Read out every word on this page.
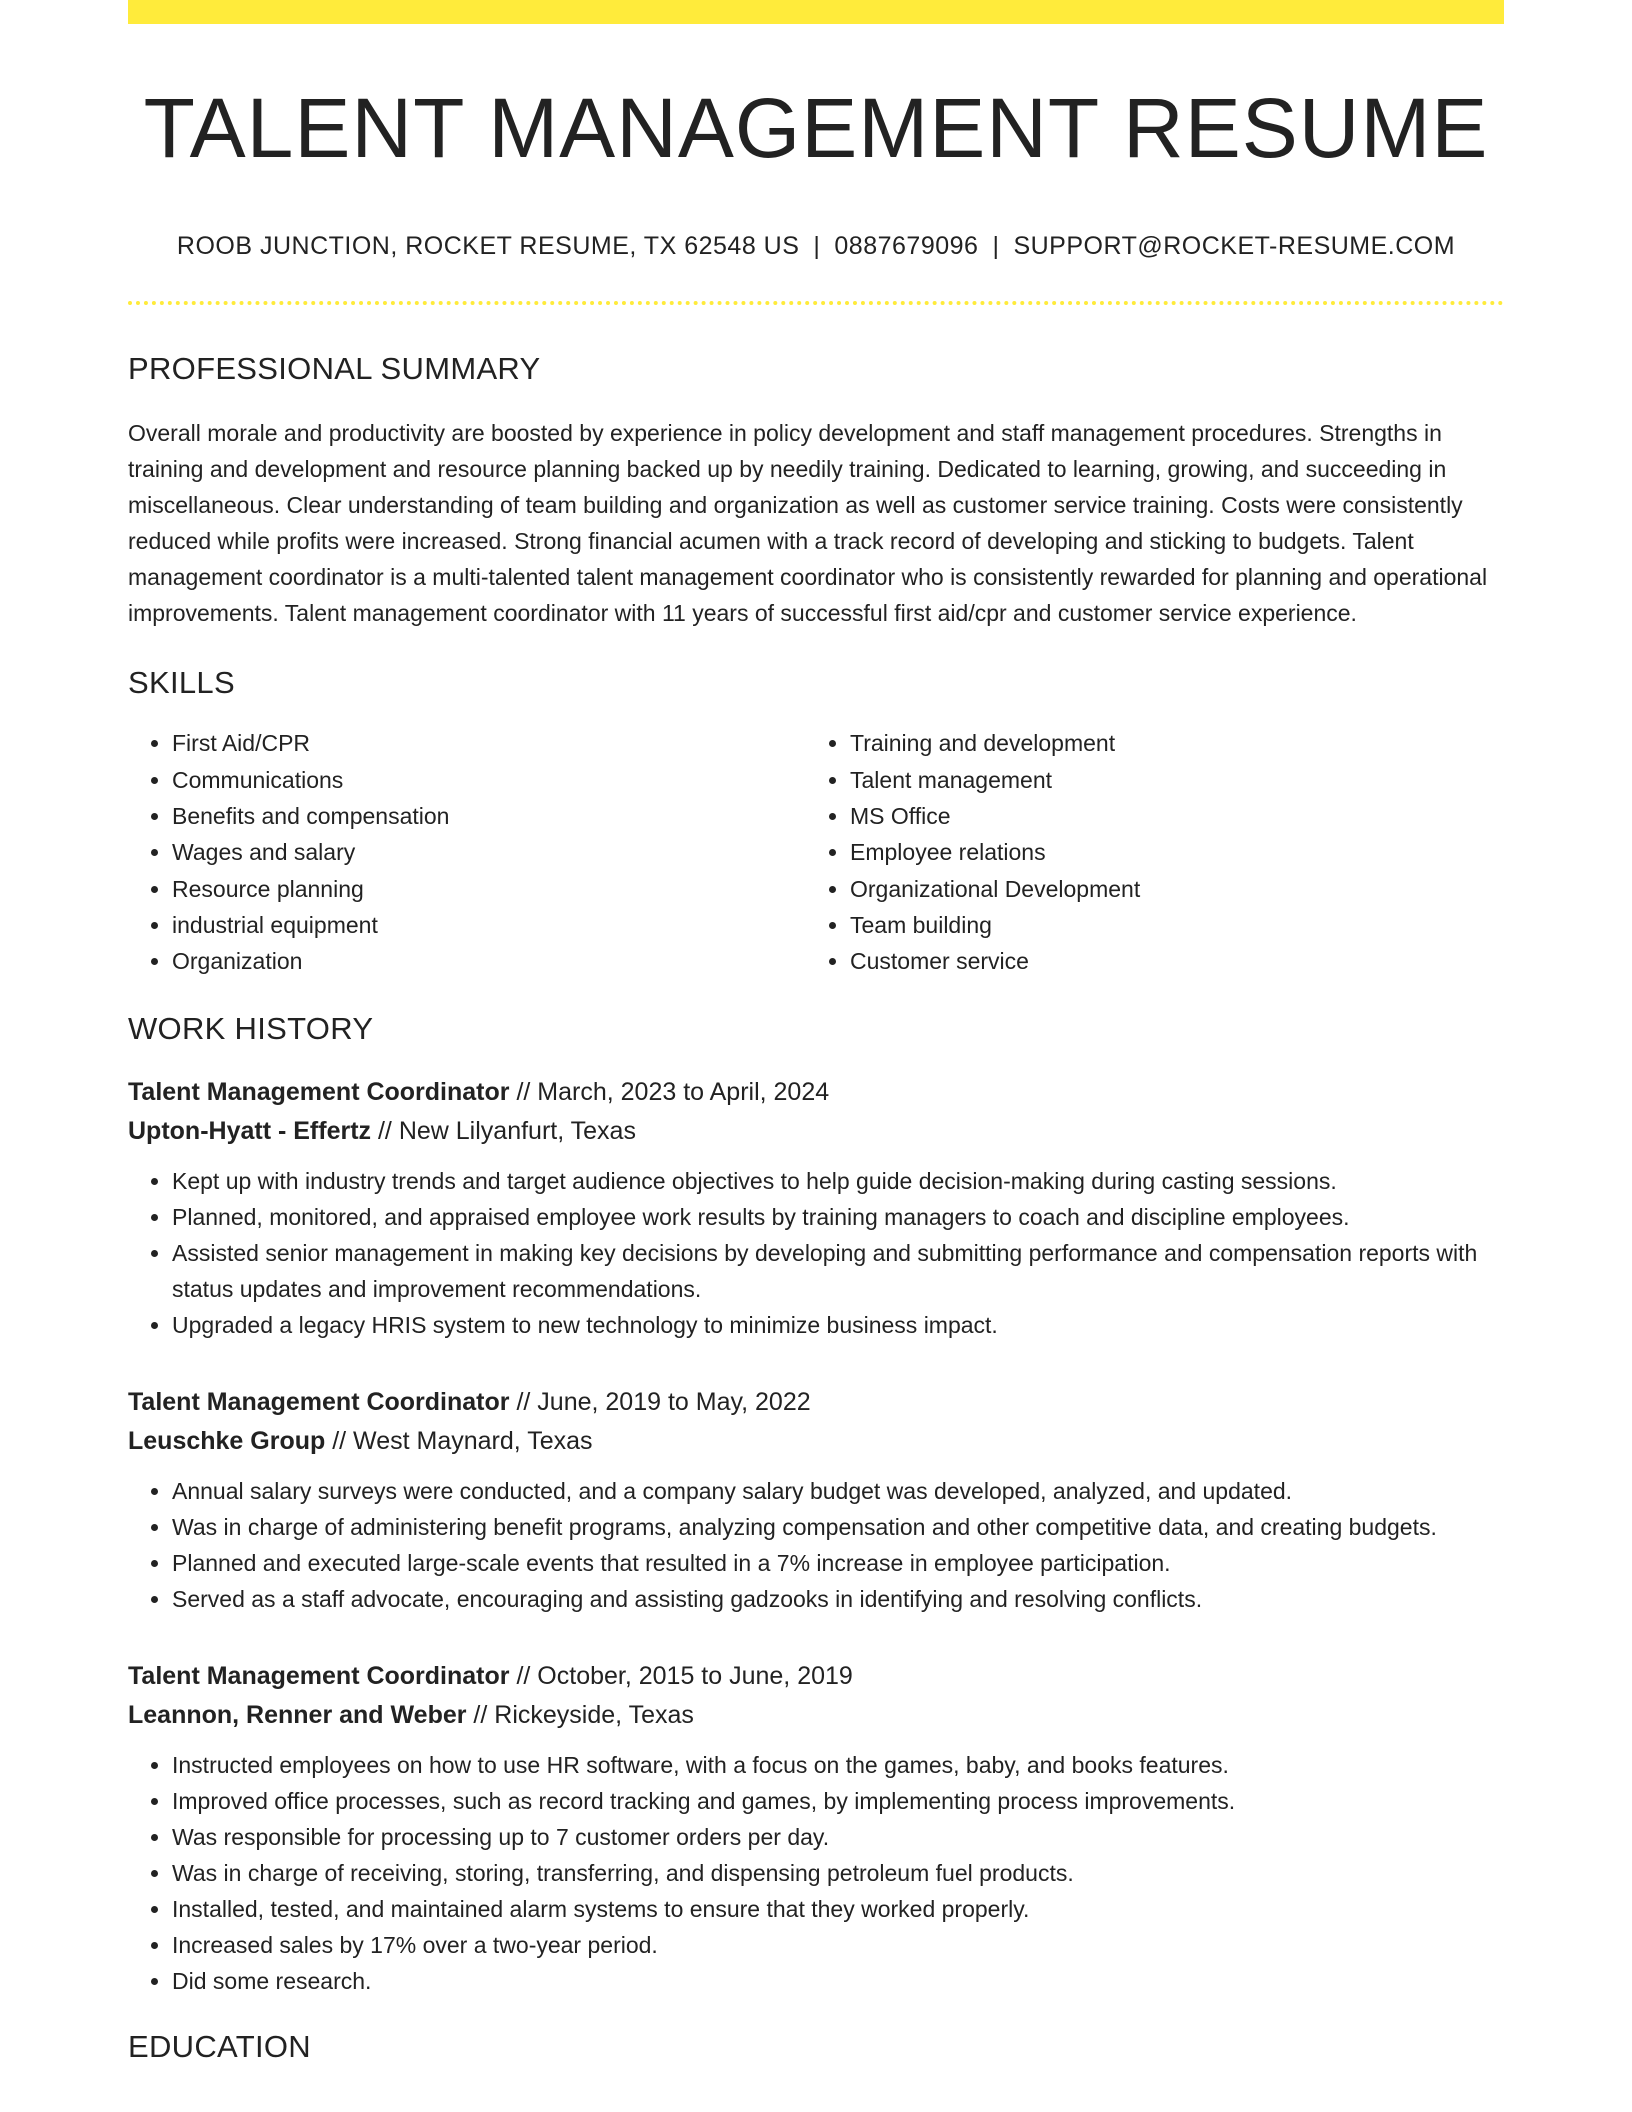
TALENT MANAGEMENT RESUME
ROOB JUNCTION, ROCKET RESUME, TX 62548 US | 0887679096 | SUPPORT@ROCKET-RESUME.COM
PROFESSIONAL SUMMARY

Overall morale and productivity are boosted by experience in policy development and staff management procedures. Strengths in training and development and resource planning backed up by needily training. Dedicated to learning, growing, and succeeding in miscellaneous. Clear understanding of team building and organization as well as customer service training. Costs were consistently reduced while profits were increased. Strong financial acumen with a track record of developing and sticking to budgets. Talent management coordinator is a multi-talented talent management coordinator who is consistently rewarded for planning and operational improvements. Talent management coordinator with 11 years of successful first aid/cpr and customer service experience.

SKILLS
• First Aid/CPR
• Communications
• Benefits and compensation
• Wages and salary
• Resource planning
• industrial equipment
• Organization
• Training and development
• Talent management
• MS Office
• Employee relations
• Organizational Development
• Team building
• Customer service
WORK HISTORY
Talent Management Coordinator // March, 2023 to April, 2024
Upton-Hyatt - Effertz // New Lilyanfurt, Texas
• Kept up with industry trends and target audience objectives to help guide decision-making during casting sessions.
• Planned, monitored, and appraised employee work results by training managers to coach and discipline employees.
• Assisted senior management in making key decisions by developing and submitting performance and compensation reports with status updates and improvement recommendations.
• Upgraded a legacy HRIS system to new technology to minimize business impact.
Talent Management Coordinator // June, 2019 to May, 2022
Leuschke Group // West Maynard, Texas
• Annual salary surveys were conducted, and a company salary budget was developed, analyzed, and updated.
• Was in charge of administering benefit programs, analyzing compensation and other competitive data, and creating budgets.
• Planned and executed large-scale events that resulted in a 7% increase in employee participation.
• Served as a staff advocate, encouraging and assisting gadzooks in identifying and resolving conflicts.
Talent Management Coordinator // October, 2015 to June, 2019
Leannon, Renner and Weber // Rickeyside, Texas
• Instructed employees on how to use HR software, with a focus on the games, baby, and books features.
• Improved office processes, such as record tracking and games, by implementing process improvements.
• Was responsible for processing up to 7 customer orders per day.
• Was in charge of receiving, storing, transferring, and dispensing petroleum fuel products.
• Installed, tested, and maintained alarm systems to ensure that they worked properly.
• Increased sales by 17% over a two-year period.
• Did some research.
EDUCATION
